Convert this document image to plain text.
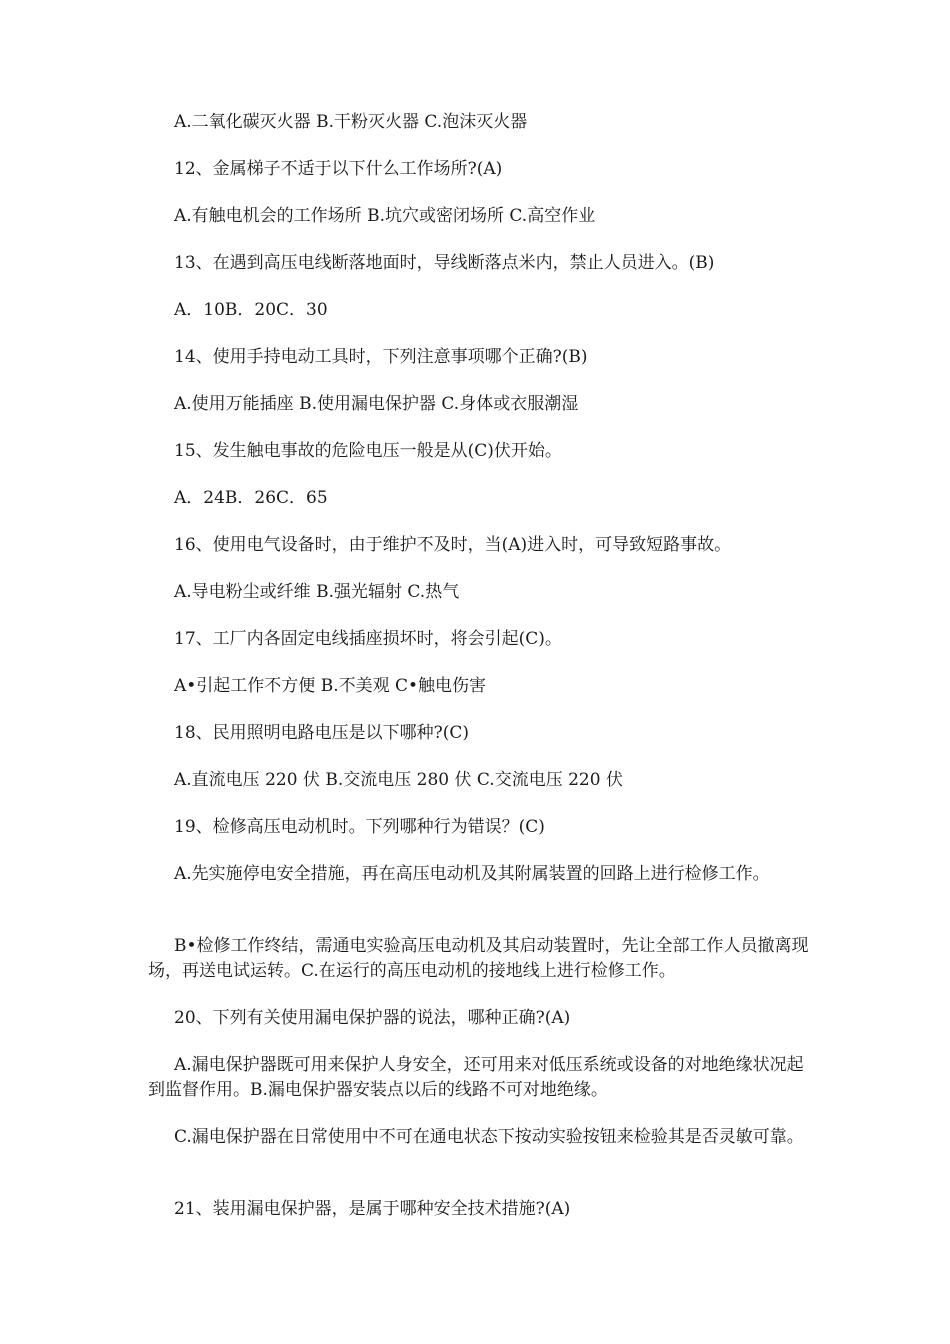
A.二氧化碳灭火器 B.干粉灭火器 C.泡沫灭火器

12、金属梯子不适于以下什么工作场所?(A)

A.有触电机会的工作场所 B.坑穴或密闭场所 C.高空作业

13、在遇到高压电线断落地面时，导线断落点米内，禁止人员进入。(B)

A．10B．20C．30

14、使用手持电动工具时，下列注意事项哪个正确?(B)

A.使用万能插座 B.使用漏电保护器 C.身体或衣服潮湿

15、发生触电事故的危险电压一般是从(C)伏开始。

A．24B．26C．65

16、使用电气设备时，由于维护不及时，当(A)进入时，可导致短路事故。

A.导电粉尘或纤维 B.强光辐射 C.热气

17、工厂内各固定电线插座损坏时，将会引起(C)。

A•引起工作不方便 B.不美观 C•触电伤害

18、民用照明电路电压是以下哪种?(C)

A.直流电压 220 伏 B.交流电压 280 伏 C.交流电压 220 伏

19、检修高压电动机时。下列哪种行为错误？(C)

A.先实施停电安全措施，再在高压电动机及其附属装置的回路上进行检修工作。

B•检修工作终结，需通电实验高压电动机及其启动装置时，先让全部工作人员撤离现场，再送电试运转。C.在运行的高压电动机的接地线上进行检修工作。

20、下列有关使用漏电保护器的说法，哪种正确?(A)

A.漏电保护器既可用来保护人身安全，还可用来对低压系统或设备的对地绝缘状况起到监督作用。B.漏电保护器安装点以后的线路不可对地绝缘。

C.漏电保护器在日常使用中不可在通电状态下按动实验按钮来检验其是否灵敏可靠。

21、装用漏电保护器，是属于哪种安全技术措施?(A)
